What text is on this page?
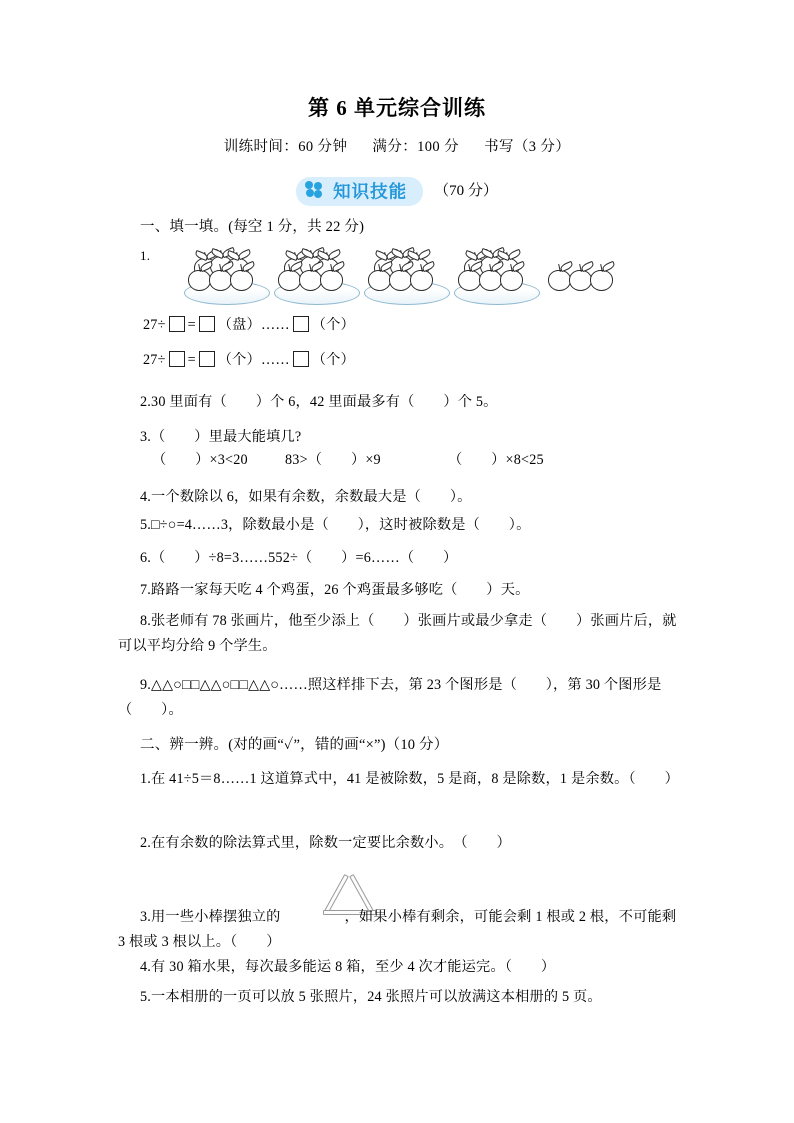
第 6 单元综合训练
训练时间：60 分钟 满分：100 分 书写（3 分）
知识技能 （70 分）
一、填一填。(每空 1 分，共 22 分)
1.
27÷ = （盘）…… （个）
27÷ = （个）…… （个）
2.30 里面有（　　）个 6，42 里面最多有（　　）个 5。
3.（　　）里最大能填几?
（　　）×3<20	83>（　　）×9	（　　）×8<25
4.一个数除以 6，如果有余数，余数最大是（　　）。
5.□÷○=4……3，除数最小是（　　），这时被除数是（　　）。
6.（　　）÷8=3……552÷（　　）=6……（　　）
7.路路一家每天吃 4 个鸡蛋，26 个鸡蛋最多够吃（　　）天。
8.张老师有 78 张画片，他至少添上（　　）张画片或最少拿走（　　）张画片后，就可以平均分给 9 个学生。
9.△△○□□△△○□□△△○……照这样排下去，第 23 个图形是（　　），第 30 个图形是（　　）。
二、辨一辨。(对的画“✓”，错的画“×”)（10 分）
1.在 41÷5＝8……1 这道算式中，41 是被除数，5 是商，8 是除数，1 是余数。（　　）
2.在有余数的除法算式里，除数一定要比余数小。　（　　）
3.用一些小棒摆独立的	，如果小棒有剩余，可能会剩 1 根或 2 根，不可能剩 3 根或 3 根以上。（　　）
4.有 30 箱水果，每次最多能运 8 箱，至少 4 次才能运完。（　　）
5.一本相册的一页可以放 5 张照片，24 张照片可以放满这本相册的 5 页。
